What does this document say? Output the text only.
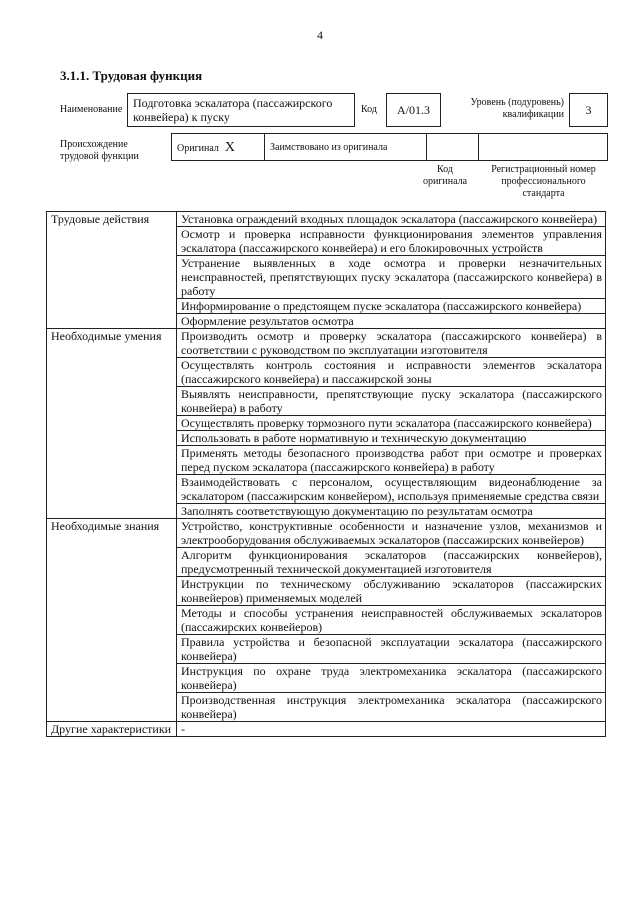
4
3.1.1. Трудовая функция
Наименование Подготовка эскалатора (пассажирского конвейера) к пуску
Код	А/01.3
Уровень (подуровень) квалификации	3
Происхождение трудовой функции
Оригинал X	Заимствовано из оригинала
Код оригинала
Регистрационный номер профессионального стандарта
Трудовые действия	Установка ограждений входных площадок эскалатора (пассажирского конвейера)
	Осмотр и проверка исправности функционирования элементов управления эскалатора (пассажирского конвейера) и его блокировочных устройств
	Устранение выявленных в ходе осмотра и проверки незначительных неисправностей, препятствующих пуску эскалатора (пассажирского конвейера) в работу
	Информирование о предстоящем пуске эскалатора (пассажирского конвейера)
	Оформление результатов осмотра
Необходимые умения	Производить осмотр и проверку эскалатора (пассажирского конвейера) в соответствии с руководством по эксплуатации изготовителя
	Осуществлять контроль состояния и исправности элементов эскалатора (пассажирского конвейера) и пассажирской зоны
	Выявлять неисправности, препятствующие пуску эскалатора (пассажирского конвейера) в работу
	Осуществлять проверку тормозного пути эскалатора (пассажирского конвейера)
	Использовать в работе нормативную и техническую документацию
	Применять методы безопасного производства работ при осмотре и проверках перед пуском эскалатора (пассажирского конвейера) в работу
	Взаимодействовать с персоналом, осуществляющим видеонаблюдение за эскалатором (пассажирским конвейером), используя применяемые средства связи
	Заполнять соответствующую документацию по результатам осмотра
Необходимые знания	Устройство, конструктивные особенности и назначение узлов, механизмов и электрооборудования обслуживаемых эскалаторов (пассажирских конвейеров)
	Алгоритм функционирования эскалаторов (пассажирских конвейеров), предусмотренный технической документацией изготовителя
	Инструкции по техническому обслуживанию эскалаторов (пассажирских конвейеров) применяемых моделей
	Методы и способы устранения неисправностей обслуживаемых эскалаторов (пассажирских конвейеров)
	Правила устройства и безопасной эксплуатации эскалатора (пассажирского конвейера)
	Инструкция по охране труда электромеханика эскалатора (пассажирского конвейера)
	Производственная инструкция электромеханика эскалатора (пассажирского конвейера)
Другие характеристики	-
